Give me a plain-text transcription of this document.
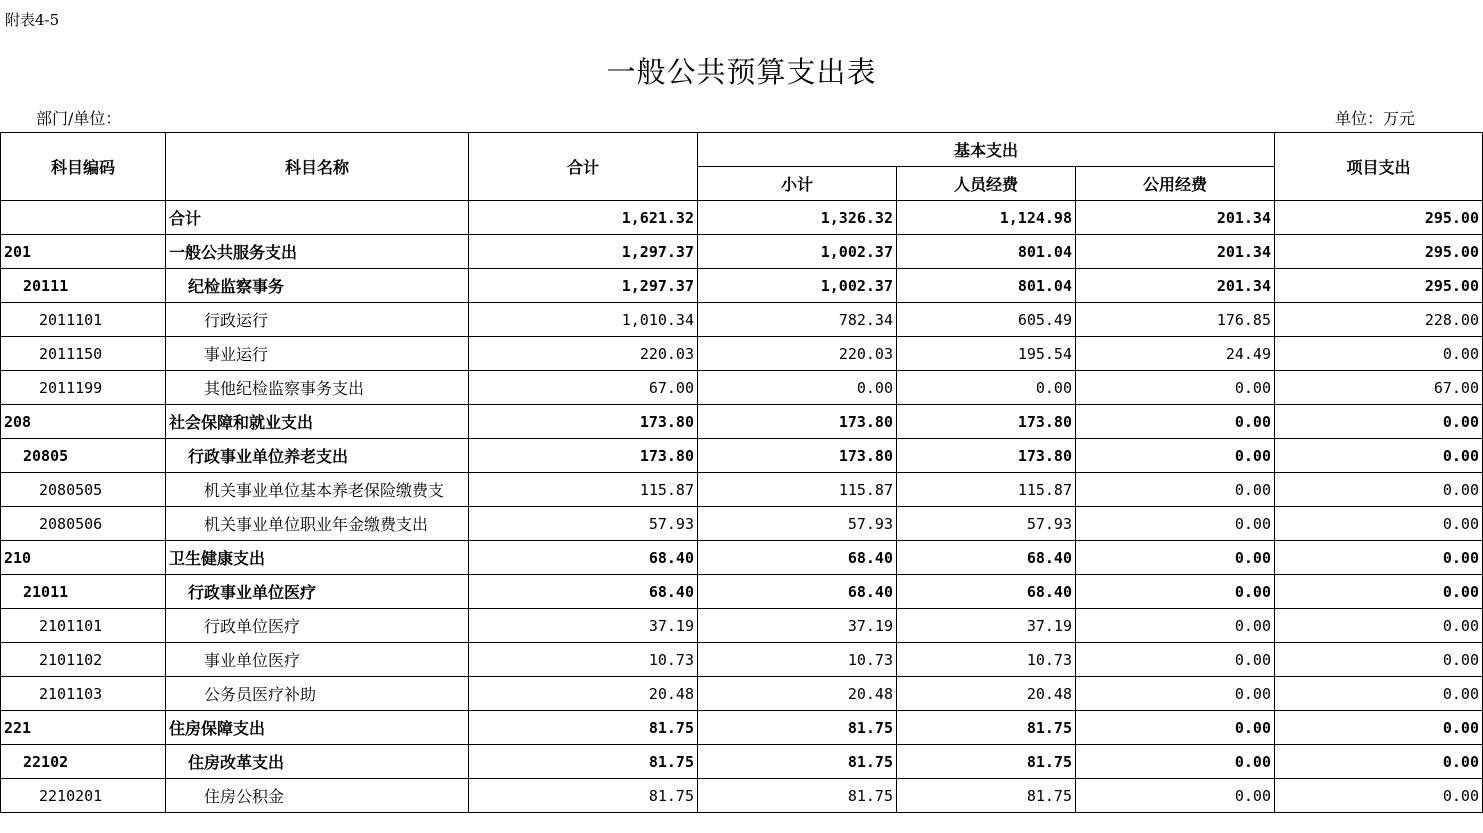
附表4-5
一般公共预算支出表
部门/单位：	单位：万元
科目编码	科目名称	合计	基本支出			项目支出
			小计	人员经费	公用经费	
	合计	1,621.32	1,326.32	1,124.98	201.34	295.00
201	一般公共服务支出	1,297.37	1,002.37	801.04	201.34	295.00
20111	纪检监察事务	1,297.37	1,002.37	801.04	201.34	295.00
2011101	行政运行	1,010.34	782.34	605.49	176.85	228.00
2011150	事业运行	220.03	220.03	195.54	24.49	0.00
2011199	其他纪检监察事务支出	67.00	0.00	0.00	0.00	67.00
208	社会保障和就业支出	173.80	173.80	173.80	0.00	0.00
20805	行政事业单位养老支出	173.80	173.80	173.80	0.00	0.00
2080505	机关事业单位基本养老保险缴费支	115.87	115.87	115.87	0.00	0.00
2080506	机关事业单位职业年金缴费支出	57.93	57.93	57.93	0.00	0.00
210	卫生健康支出	68.40	68.40	68.40	0.00	0.00
21011	行政事业单位医疗	68.40	68.40	68.40	0.00	0.00
2101101	行政单位医疗	37.19	37.19	37.19	0.00	0.00
2101102	事业单位医疗	10.73	10.73	10.73	0.00	0.00
2101103	公务员医疗补助	20.48	20.48	20.48	0.00	0.00
221	住房保障支出	81.75	81.75	81.75	0.00	0.00
22102	住房改革支出	81.75	81.75	81.75	0.00	0.00
2210201	住房公积金	81.75	81.75	81.75	0.00	0.00
